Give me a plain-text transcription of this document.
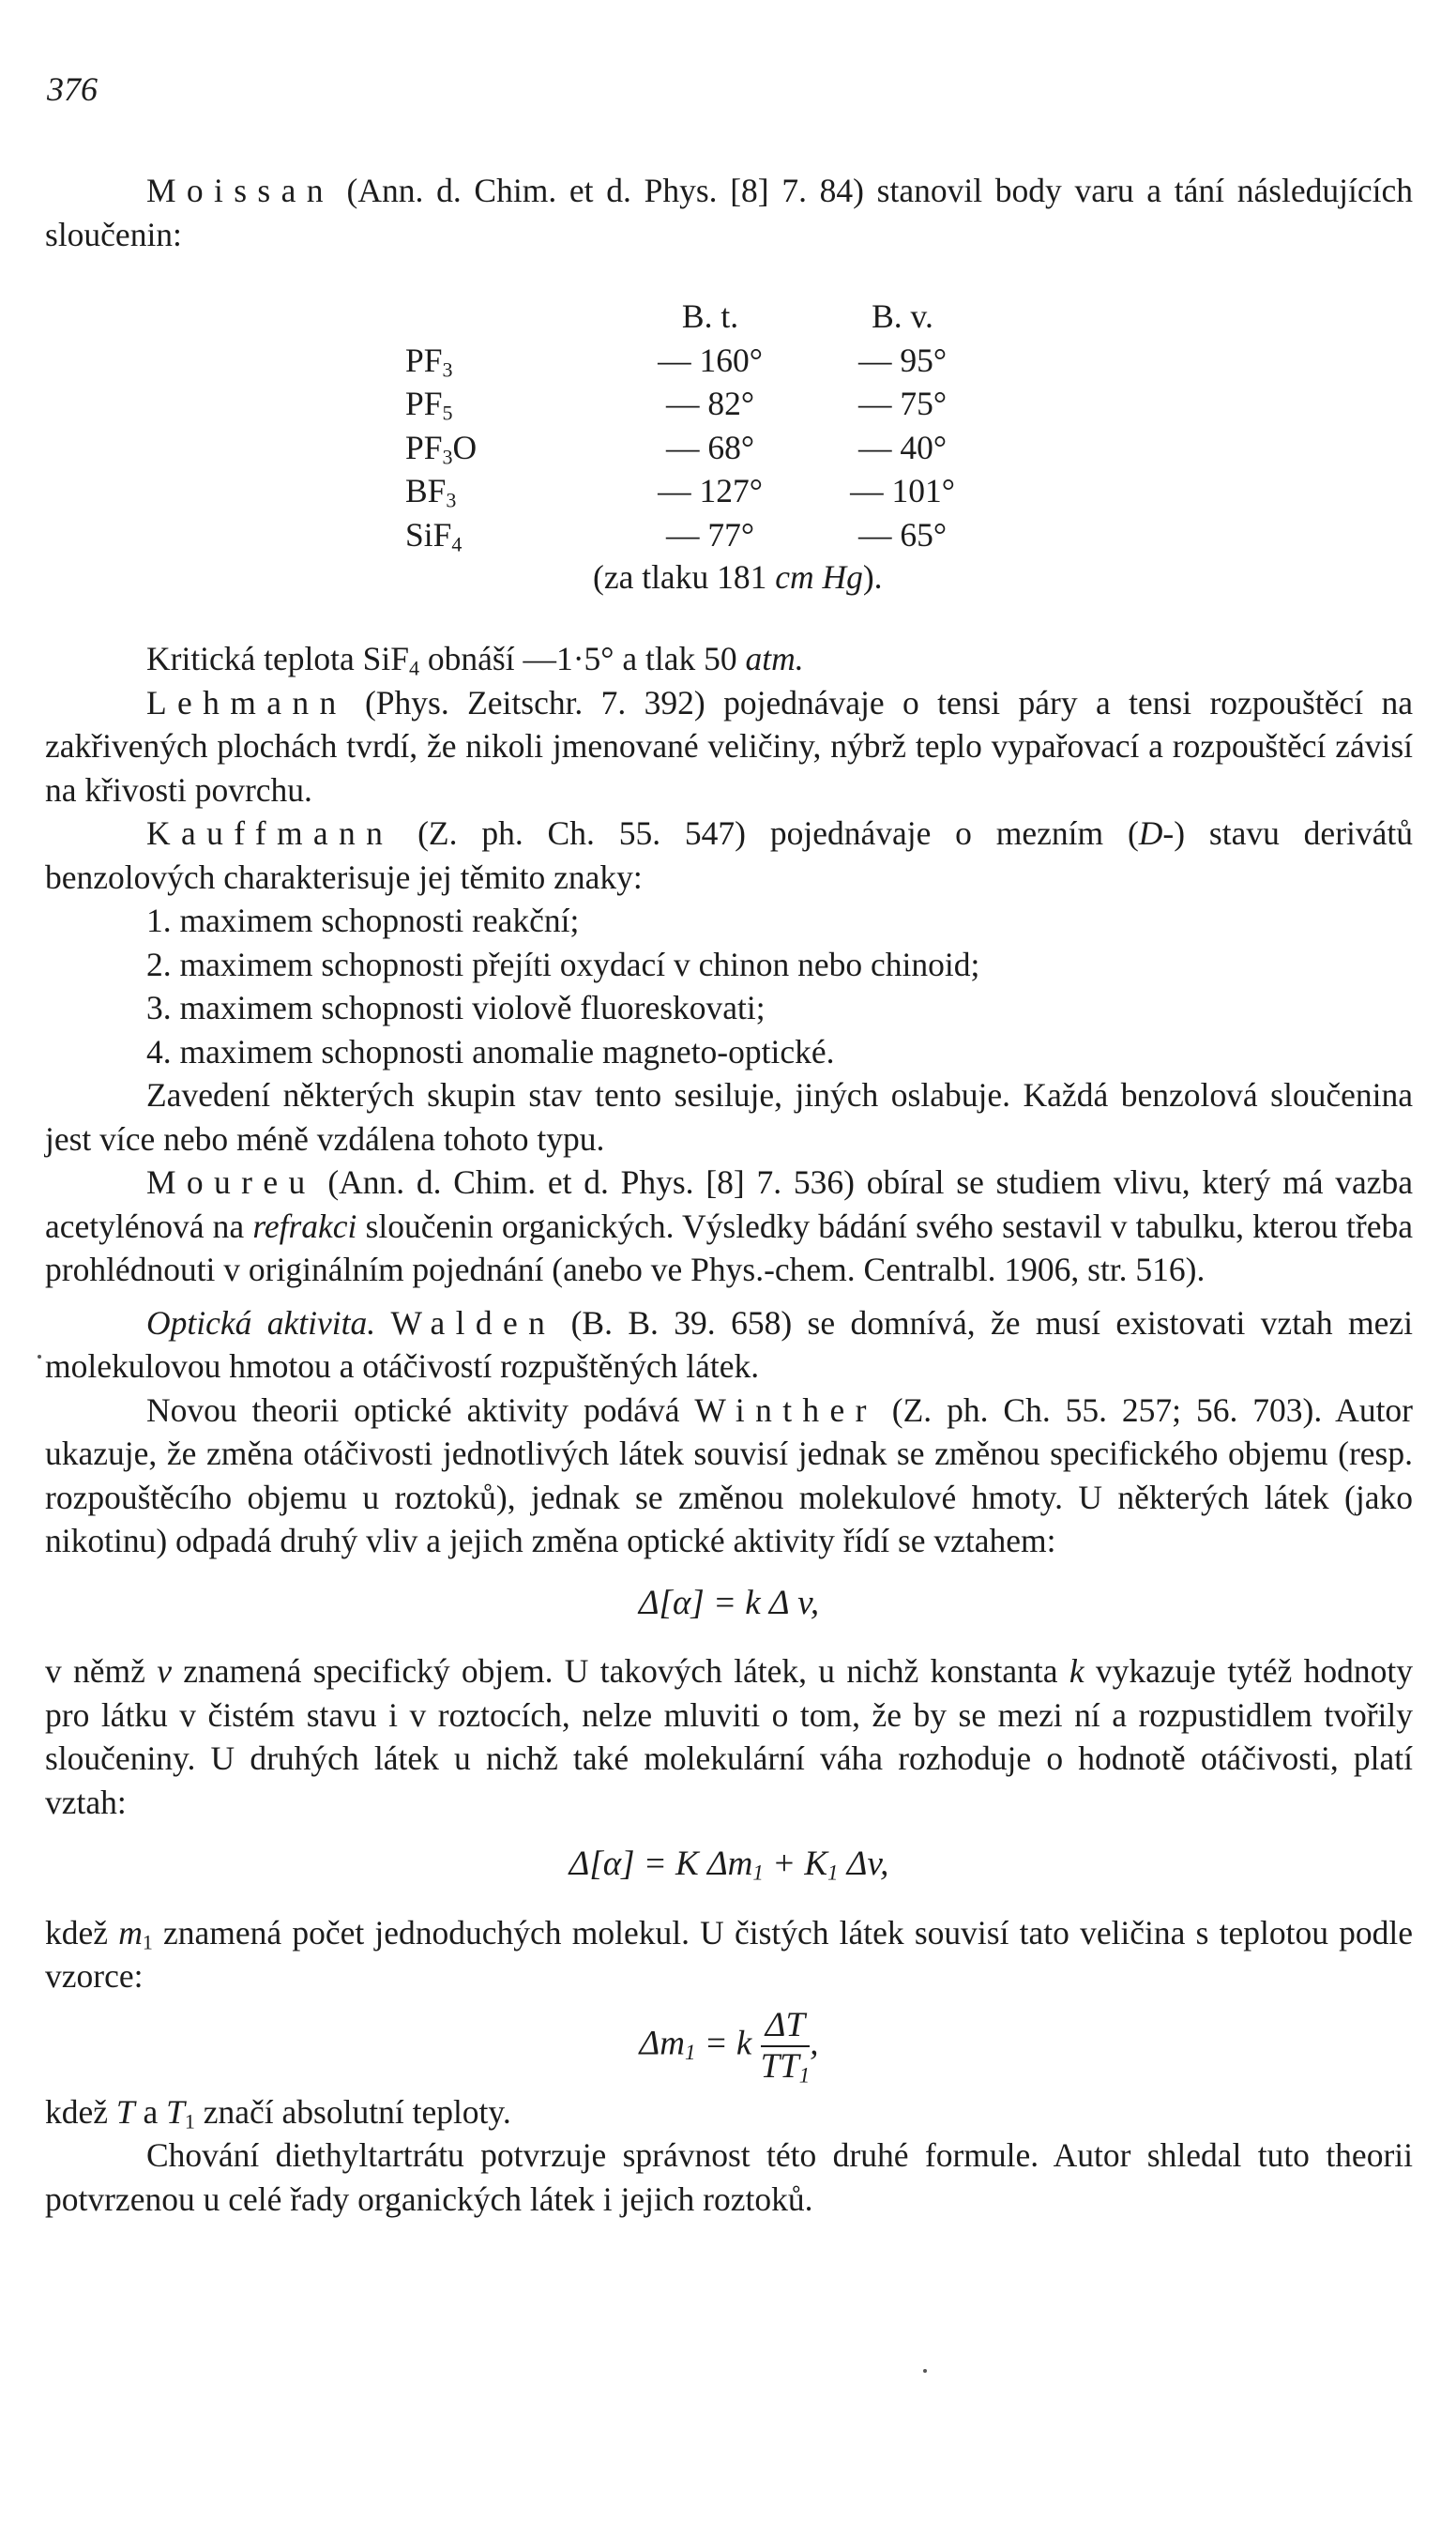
376

Moissan (Ann. d. Chim. et d. Phys. [8] 7. 84) stanovil body varu a tání následujících sloučenin:

	B. t.	B. v.
$PF_3$	— 160°	— 95°
$PF_5$	— 82°	— 75°
$PF_3O$	— 68°	— 40°
$BF_3$	— 127°	— 101°
SiF$_4$	— 77°	— 65°
(za tlaku 181 cm Hg).

Kritická teplota SiF$_4$ obnáší —1·5° a tlak 50 atm.

Lehmann (Phys. Zeitschr. 7. 392) pojednávaje o tensi páry a tensi rozpouštěcí na zakřivených plochách tvrdí, že nikoli jmenované veličiny, nýbrž teplo vypařovací a rozpouštěcí závisí na křivosti povrchu.

Kauffmann (Z. ph. Ch. 55. 547) pojednávaje o mezním (D-) stavu derivátů benzolových charakterisuje jej těmito znaky:

1. maximem schopnosti reakční;

2. maximem schopnosti přejíti oxydací v chinon nebo chinoid;

3. maximem schopnosti violově fluoreskovati;

4. maximem schopnosti anomalie magneto-optické.

Zavedení některých skupin stav tento sesiluje, jiných oslabuje. Každá benzolová sloučenina jest více nebo méně vzdálena tohoto typu.

Moureu (Ann. d. Chim. et d. Phys. [8] 7. 536) obíral se studiem vlivu, který má vazba acetylénová na refrakci sloučenin organických. Výsledky bádání svého sestavil v tabulku, kterou třeba prohlédnouti v originálním pojednání (anebo ve Phys.-chem. Centralbl. 1906, str. 516).

Optická aktivita. Walden (B. B. 39. 658) se domnívá, že musí existovati vztah mezi molekulovou hmotou a otáčivostí rozpuštěných látek.

Novou theorii optické aktivity podává Winther (Z. ph. Ch. 55. 257; 56. 703). Autor ukazuje, že změna otáčivosti jednotlivých látek souvisí jednak se změnou specifického objemu (resp. rozpouštěcího objemu u roztoků), jednak se změnou molekulové hmoty. U některých látek (jako nikotinu) odpadá druhý vliv a jejich změna optické aktivity řídí se vztahem:

Δ[α] = k Δ v,

v němž v znamená specifický objem. U takových látek, u nichž konstanta k vykazuje tytéž hodnoty pro látku v čistém stavu i v roztocích, nelze mluviti o tom, že by se mezi ní a rozpustidlem tvořily sloučeniny. U druhých látek u nichž také molekulární váha rozhoduje o hodnotě otáčivosti, platí vztah:

Δ[α] = K $\Delta m_1 + K_1$ Δv,

kdež $m_1$ znamená počet jednoduchých molekul. U čistých látek souvisí tato veličina s teplotou podle vzorce:

$\Delta m_1 = k \frac{\Delta T}{TT_1}$ ,

kdež T a $T_1$ značí absolutní teploty.

Chování diethyltartrátu potvrzuje správnost této druhé formule. Autor shledal tuto theorii potvrzenou u celé řady organických látek i jejich roztoků.
